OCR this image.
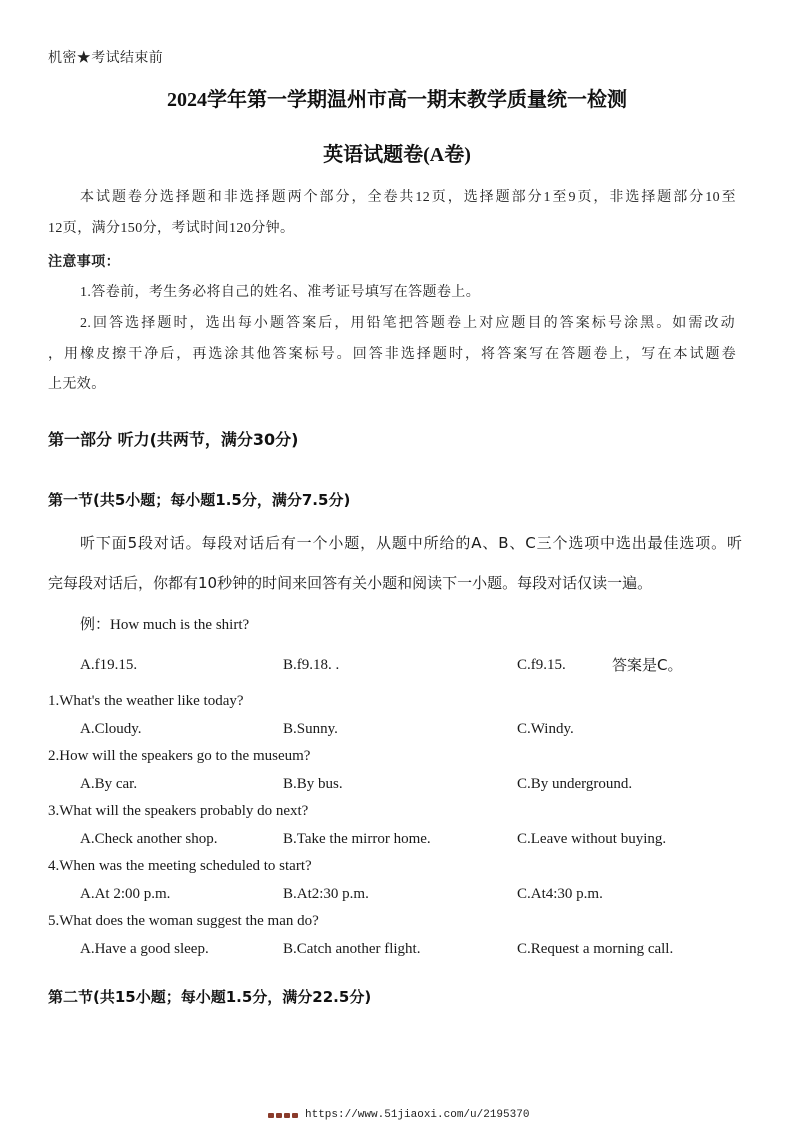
机密★考试结束前
2024学年第一学期温州市高一期末教学质量统一检测
英语试题卷(A卷)
本试题卷分选择题和非选择题两个部分，全卷共12页，选择题部分1至9页，非选择题部分10至
12页，满分150分，考试时间120分钟。
注意事项：
1.答卷前，考生务必将自己的姓名、准考证号填写在答题卷上。
2.回答选择题时，选出每小题答案后，用铅笔把答题卷上对应题目的答案标号涂黑。如需改动
，用橡皮擦干净后，再选涂其他答案标号。回答非选择题时，将答案写在答题卷上，写在本试题卷
上无效。
第一部分 听力(共两节，满分30分)
第一节(共5小题；每小题1.5分，满分7.5分)
听下面5段对话。每段对话后有一个小题，从题中所给的A、B、C三个选项中选出最佳选项。听
完每段对话后，你都有10秒钟的时间来回答有关小题和阅读下一小题。每段对话仅读一遍。
例：How much is the shirt?
A.f19.15.	B.f9.18. .	C.f9.15.	答案是C。
1.What's the weather like today?
A.Cloudy.	B.Sunny.	C.Windy.
2.How will the speakers go to the museum?
A.By car.	B.By bus.	C.By underground.
3.What will the speakers probably do next?
A.Check another shop.	B.Take the mirror home.	C.Leave without buying.
4.When was the meeting scheduled to start?
A.At 2:00 p.m.	B.At2:30 p.m.	C.At4:30 p.m.
5.What does the woman suggest the man do?
A.Have a good sleep.	B.Catch another flight.	C.Request a morning call.
第二节(共15小题；每小题1.5分，满分22.5分)
https://www.51jiaoxi.com/u/2195370
